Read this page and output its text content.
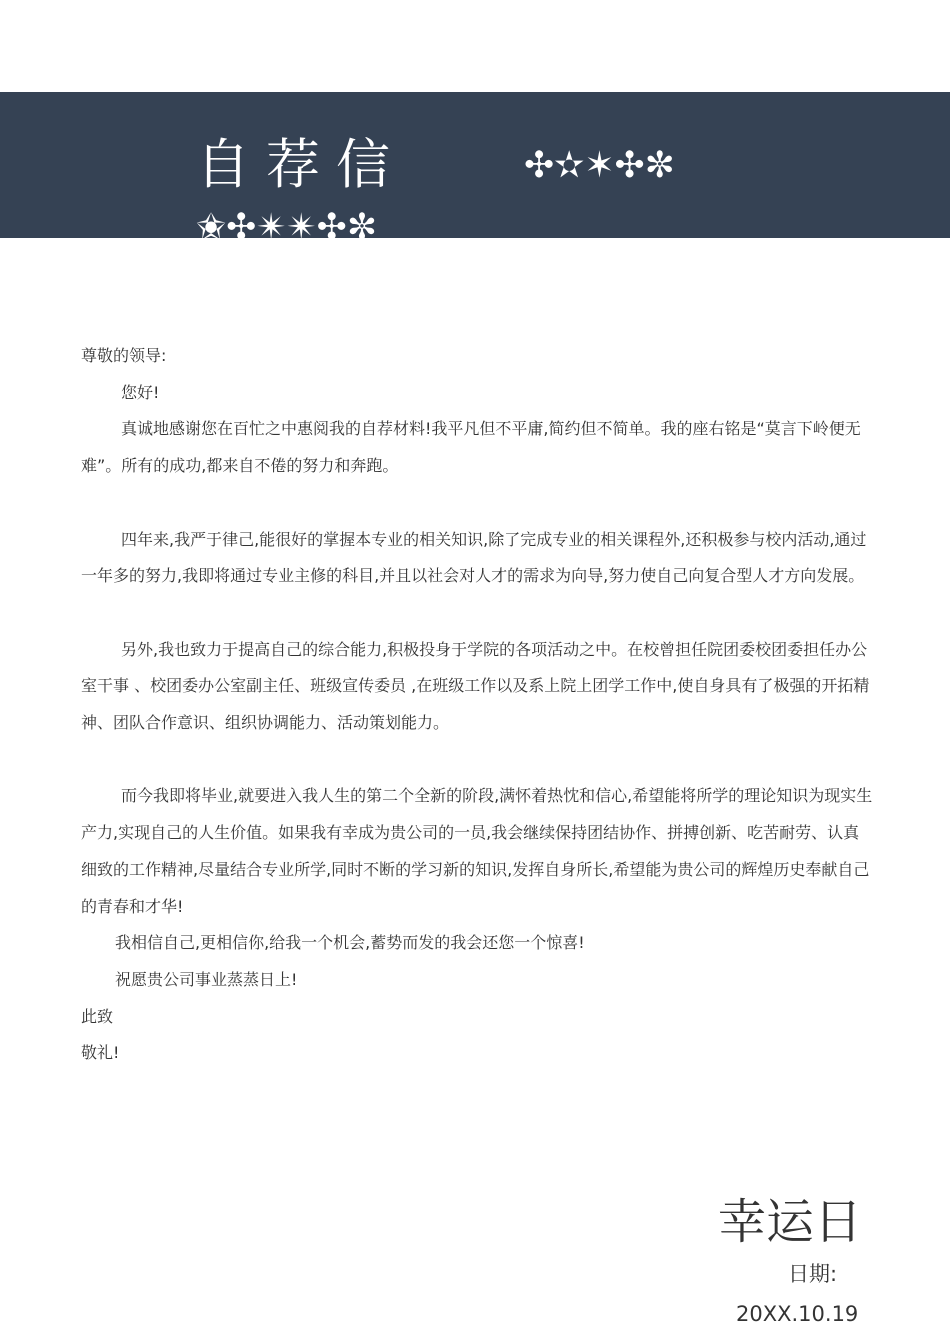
自荐信	✣✫✶✣✼
✬✣✴✴✣✼

尊敬的领导:

您好!

真诚地感谢您在百忙之中惠阅我的自荐材料!我平凡但不平庸,简约但不简单。我的座右铭是“莫言下岭便无难”。所有的成功,都来自不倦的努力和奔跑。

四年来,我严于律己,能很好的掌握本专业的相关知识,除了完成专业的相关课程外,还积极参与校内活动,通过一年多的努力,我即将通过专业主修的科目,并且以社会对人才的需求为向导,努力使自己向复合型人才方向发展。

另外,我也致力于提高自己的综合能力,积极投身于学院的各项活动之中。在校曾担任院团委校团委担任办公室干事 、校团委办公室副主任、班级宣传委员 ,在班级工作以及系上院上团学工作中,使自身具有了极强的开拓精神、团队合作意识、组织协调能力、活动策划能力。

而今我即将毕业,就要进入我人生的第二个全新的阶段,满怀着热忱和信心,希望能将所学的理论知识为现实生产力,实现自己的人生价值。如果我有幸成为贵公司的一员,我会继续保持团结协作、拼搏创新、吃苦耐劳、认真细致的工作精神,尽量结合专业所学,同时不断的学习新的知识,发挥自身所长,希望能为贵公司的辉煌历史奉献自己的青春和才华!

我相信自己,更相信你,给我一个机会,蓄势而发的我会还您一个惊喜!

祝愿贵公司事业蒸蒸日上!

此致

敬礼!

幸运日
日期:
20XX.10.19
